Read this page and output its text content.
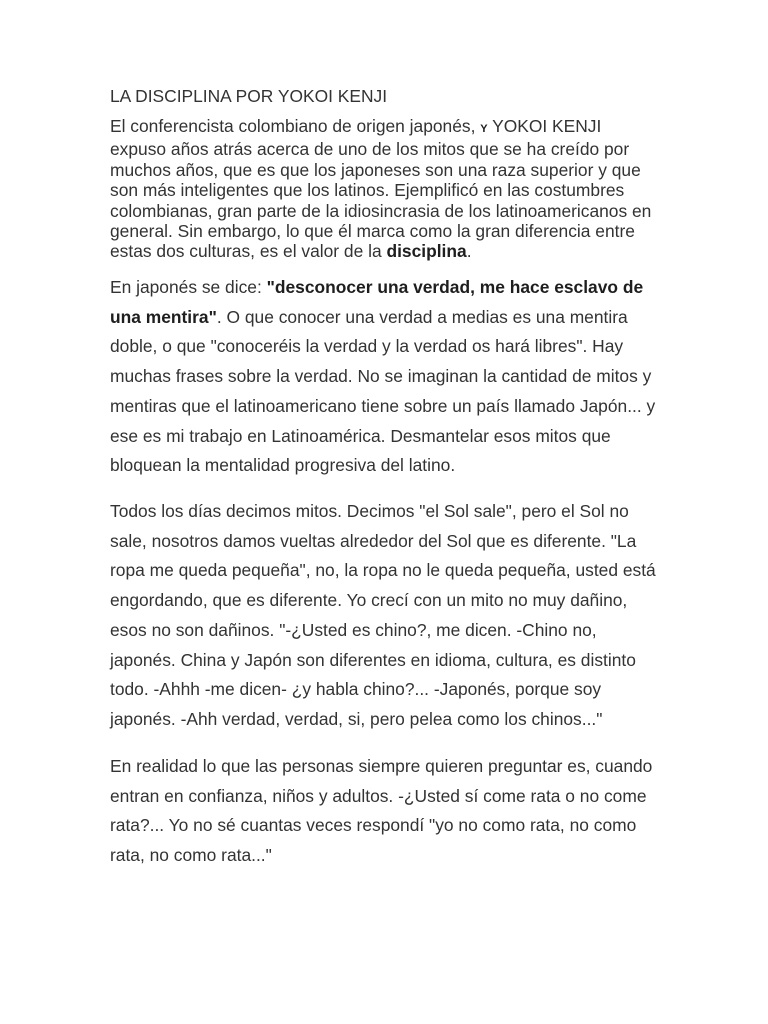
LA DISCIPLINA POR YOKOI KENJI
El conferencista colombiano de origen japonés, Y YOKOI KENJI
expuso años atrás acerca de uno de los mitos que se ha creído por
muchos años, que es que los japoneses son una raza superior y que
son más inteligentes que los latinos. Ejemplificó en las costumbres
colombianas, gran parte de la idiosincrasia de los latinoamericanos en
general. Sin embargo, lo que él marca como la gran diferencia entre
estas dos culturas, es el valor de la disciplina.
En japonés se dice: "desconocer una verdad, me hace esclavo de
una mentira". O que conocer una verdad a medias es una mentira
doble, o que "conoceréis la verdad y la verdad os hará libres". Hay
muchas frases sobre la verdad. No se imaginan la cantidad de mitos y
mentiras que el latinoamericano tiene sobre un país llamado Japón... y
ese es mi trabajo en Latinoamérica. Desmantelar esos mitos que
bloquean la mentalidad progresiva del latino.
Todos los días decimos mitos. Decimos "el Sol sale", pero el Sol no
sale, nosotros damos vueltas alrededor del Sol que es diferente. "La
ropa me queda pequeña", no, la ropa no le queda pequeña, usted está
engordando, que es diferente. Yo crecí con un mito no muy dañino,
esos no son dañinos. "-¿Usted es chino?, me dicen. -Chino no,
japonés. China y Japón son diferentes en idioma, cultura, es distinto
todo. -Ahhh -me dicen- ¿y habla chino?... -Japonés, porque soy
japonés. -Ahh verdad, verdad, si, pero pelea como los chinos..."
En realidad lo que las personas siempre quieren preguntar es, cuando
entran en confianza, niños y adultos. -¿Usted sí come rata o no come
rata?... Yo no sé cuantas veces respondí "yo no como rata, no como
rata, no como rata..."
